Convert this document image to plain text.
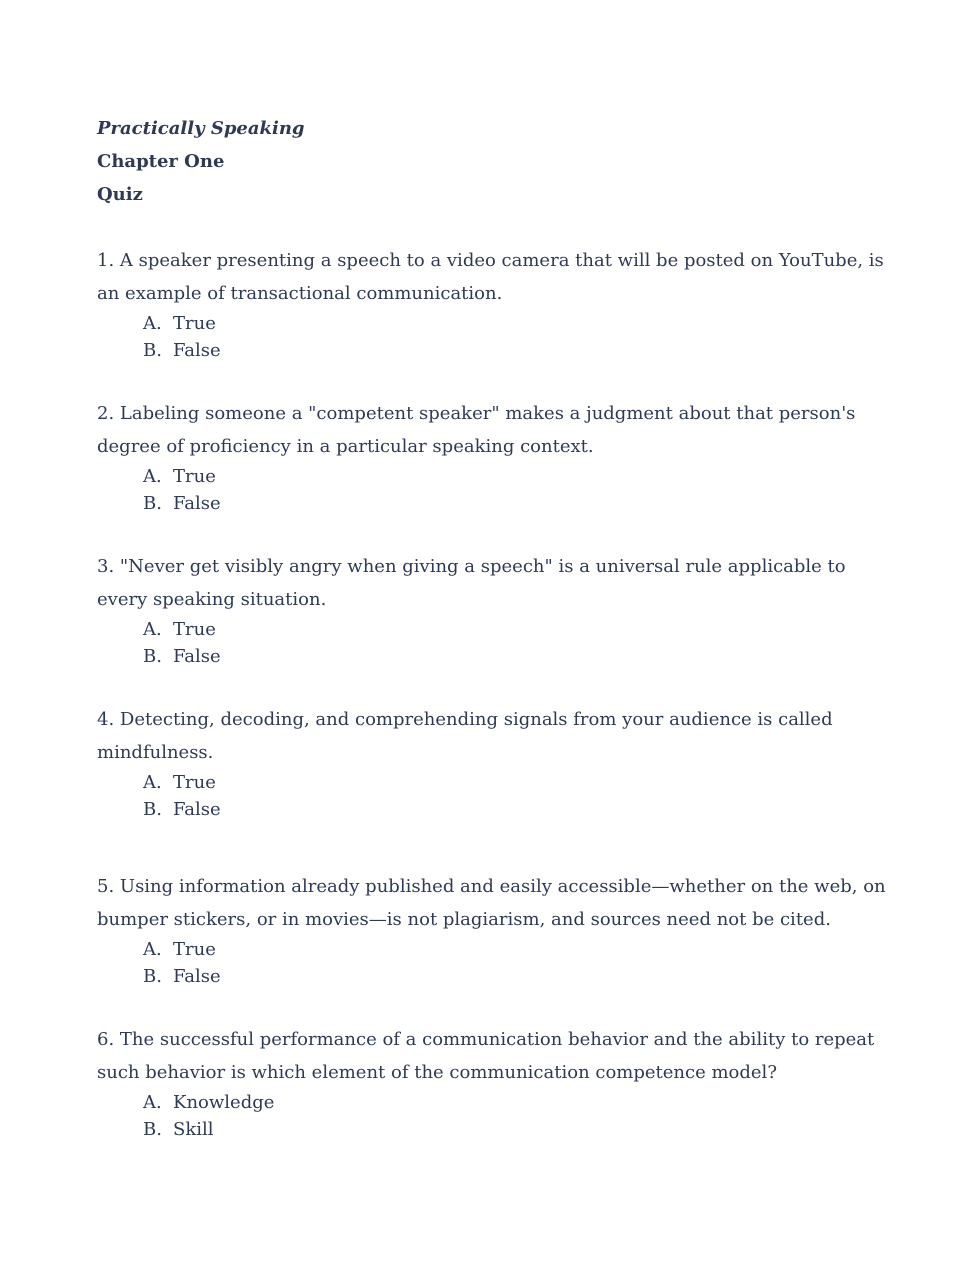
Practically Speaking

Chapter One

Quiz

1. A speaker presenting a speech to a video camera that will be posted on YouTube, is an example of transactional communication.

A. True
B. False

2. Labeling someone a "competent speaker" makes a judgment about that person's degree of proficiency in a particular speaking context.

A. True
B. False

3. "Never get visibly angry when giving a speech" is a universal rule applicable to every speaking situation.

A. True
B. False

4. Detecting, decoding, and comprehending signals from your audience is called mindfulness.

A. True
B. False

5. Using information already published and easily accessible—whether on the web, on bumper stickers, or in movies—is not plagiarism, and sources need not be cited.

A. True
B. False

6. The successful performance of a communication behavior and the ability to repeat such behavior is which element of the communication competence model?

A. Knowledge
B. Skill
